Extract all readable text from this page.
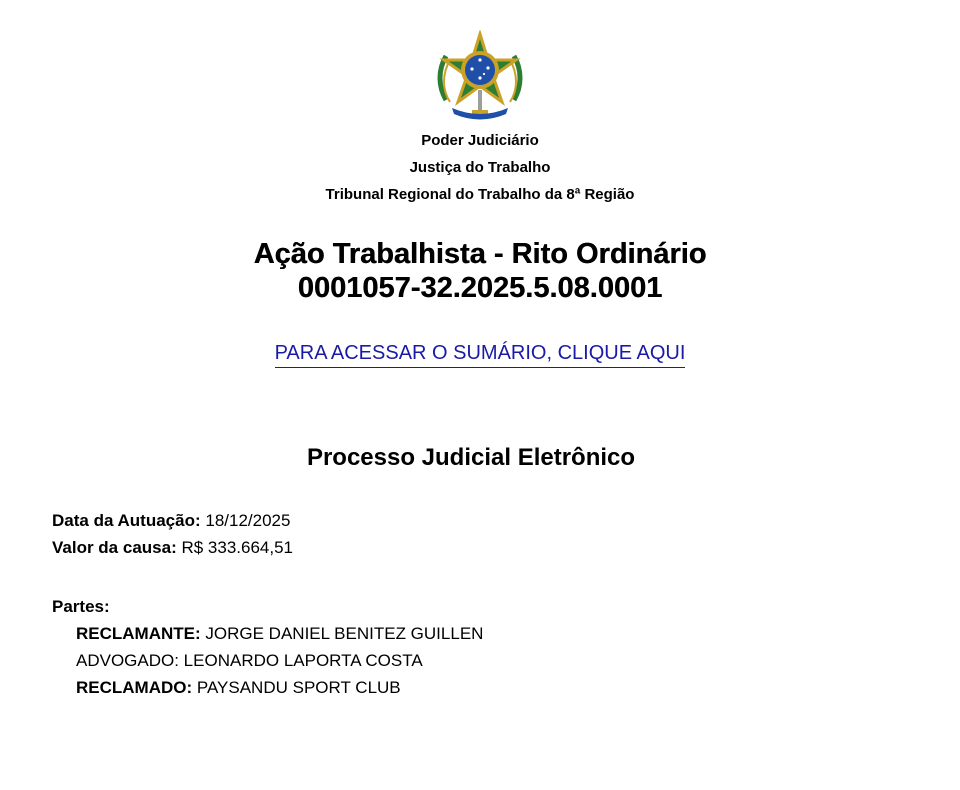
Poder Judiciário
Justiça do Trabalho
Tribunal Regional do Trabalho da 8ª Região
Ação Trabalhista - Rito Ordinário
0001057-32.2025.5.08.0001
PARA ACESSAR O SUMÁRIO, CLIQUE AQUI
Processo Judicial Eletrônico
Data da Autuação: 18/12/2025
Valor da causa: R$ 333.664,51
Partes:
RECLAMANTE: JORGE DANIEL BENITEZ GUILLEN
ADVOGADO: LEONARDO LAPORTA COSTA
RECLAMADO: PAYSANDU SPORT CLUB
